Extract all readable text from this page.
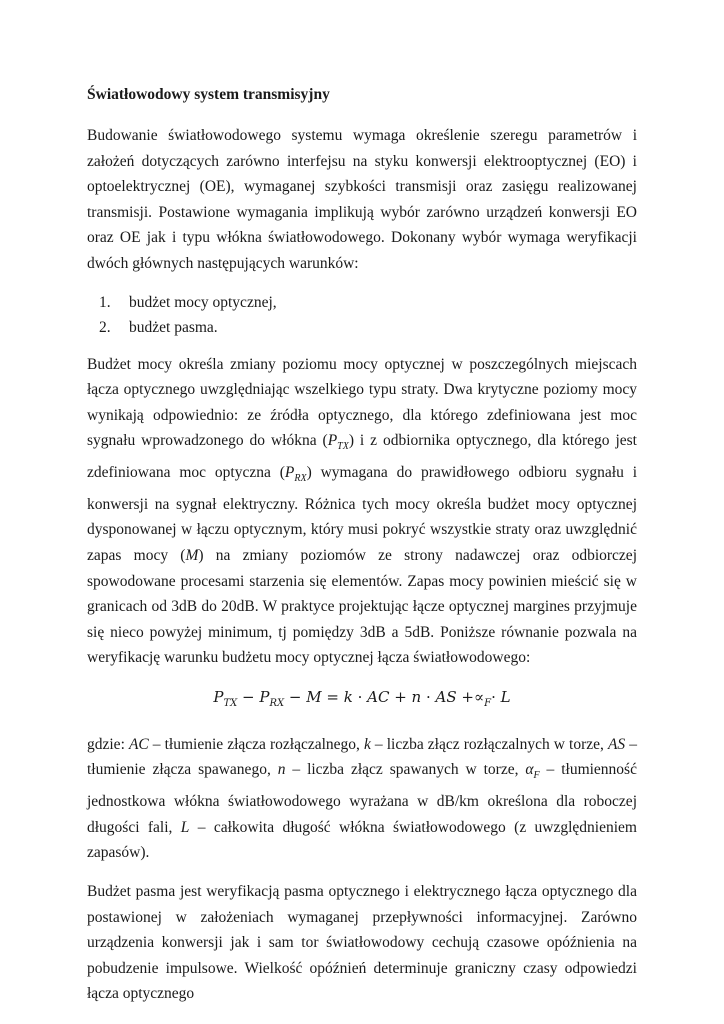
Światłowodowy system transmisyjny

Budowanie światłowodowego systemu wymaga określenie szeregu parametrów i założeń dotyczących zarówno interfejsu na styku konwersji elektrooptycznej (EO) i optoelektrycznej (OE), wymaganej szybkości transmisji oraz zasięgu realizowanej transmisji. Postawione wymagania implikują wybór zarówno urządzeń konwersji EO oraz OE jak i typu włókna światłowodowego. Dokonany wybór wymaga weryfikacji dwóch głównych następujących warunków:

1. budżet mocy optycznej,
2. budżet pasma.

Budżet mocy określa zmiany poziomu mocy optycznej w poszczególnych miejscach łącza optycznego uwzględniając wszelkiego typu straty. Dwa krytyczne poziomy mocy wynikają odpowiednio: ze źródła optycznego, dla którego zdefiniowana jest moc sygnału wprowadzonego do włókna $(P_{TX})$ i z odbiornika optycznego, dla którego jest zdefiniowana moc optyczna $(P_{RX})$ wymagana do prawidłowego odbioru sygnału i konwersji na sygnał elektryczny. Różnica tych mocy określa budżet mocy optycznej dysponowanej w łączu optycznym, który musi pokryć wszystkie straty oraz uwzględnić zapas mocy (M) na zmiany poziomów ze strony nadawczej oraz odbiorczej spowodowane procesami starzenia się elementów. Zapas mocy powinien mieścić się w granicach od 3dB do 20dB. W praktyce projektując łącze optycznej margines przyjmuje się nieco powyżej minimum, tj pomiędzy 3dB a 5dB. Poniższe równanie pozwala na weryfikację warunku budżetu mocy optycznej łącza światłowodowego:

$P_{TX} - P_{RX} - M = k$ · AC + n · AS $+\propto_F\cdot L$

gdzie: AC – tłumienie złącza rozłączalnego, k – liczba złącz rozłączalnych w torze, AS – tłumienie złącza spawanego, n – liczba złącz spawanych w torze, $\alpha_F$ – tłumienność jednostkowa włókna światłowodowego wyrażana w dB/km określona dla roboczej długości fali, L – całkowita długość włókna światłowodowego (z uwzględnieniem zapasów).

Budżet pasma jest weryfikacją pasma optycznego i elektrycznego łącza optycznego dla postawionej w założeniach wymaganej przepływności informacyjnej. Zarówno urządzenia konwersji jak i sam tor światłowodowy cechują czasowe opóźnienia na pobudzenie impulsowe. Wielkość opóźnień determinuje graniczny czasy odpowiedzi łącza optycznego
